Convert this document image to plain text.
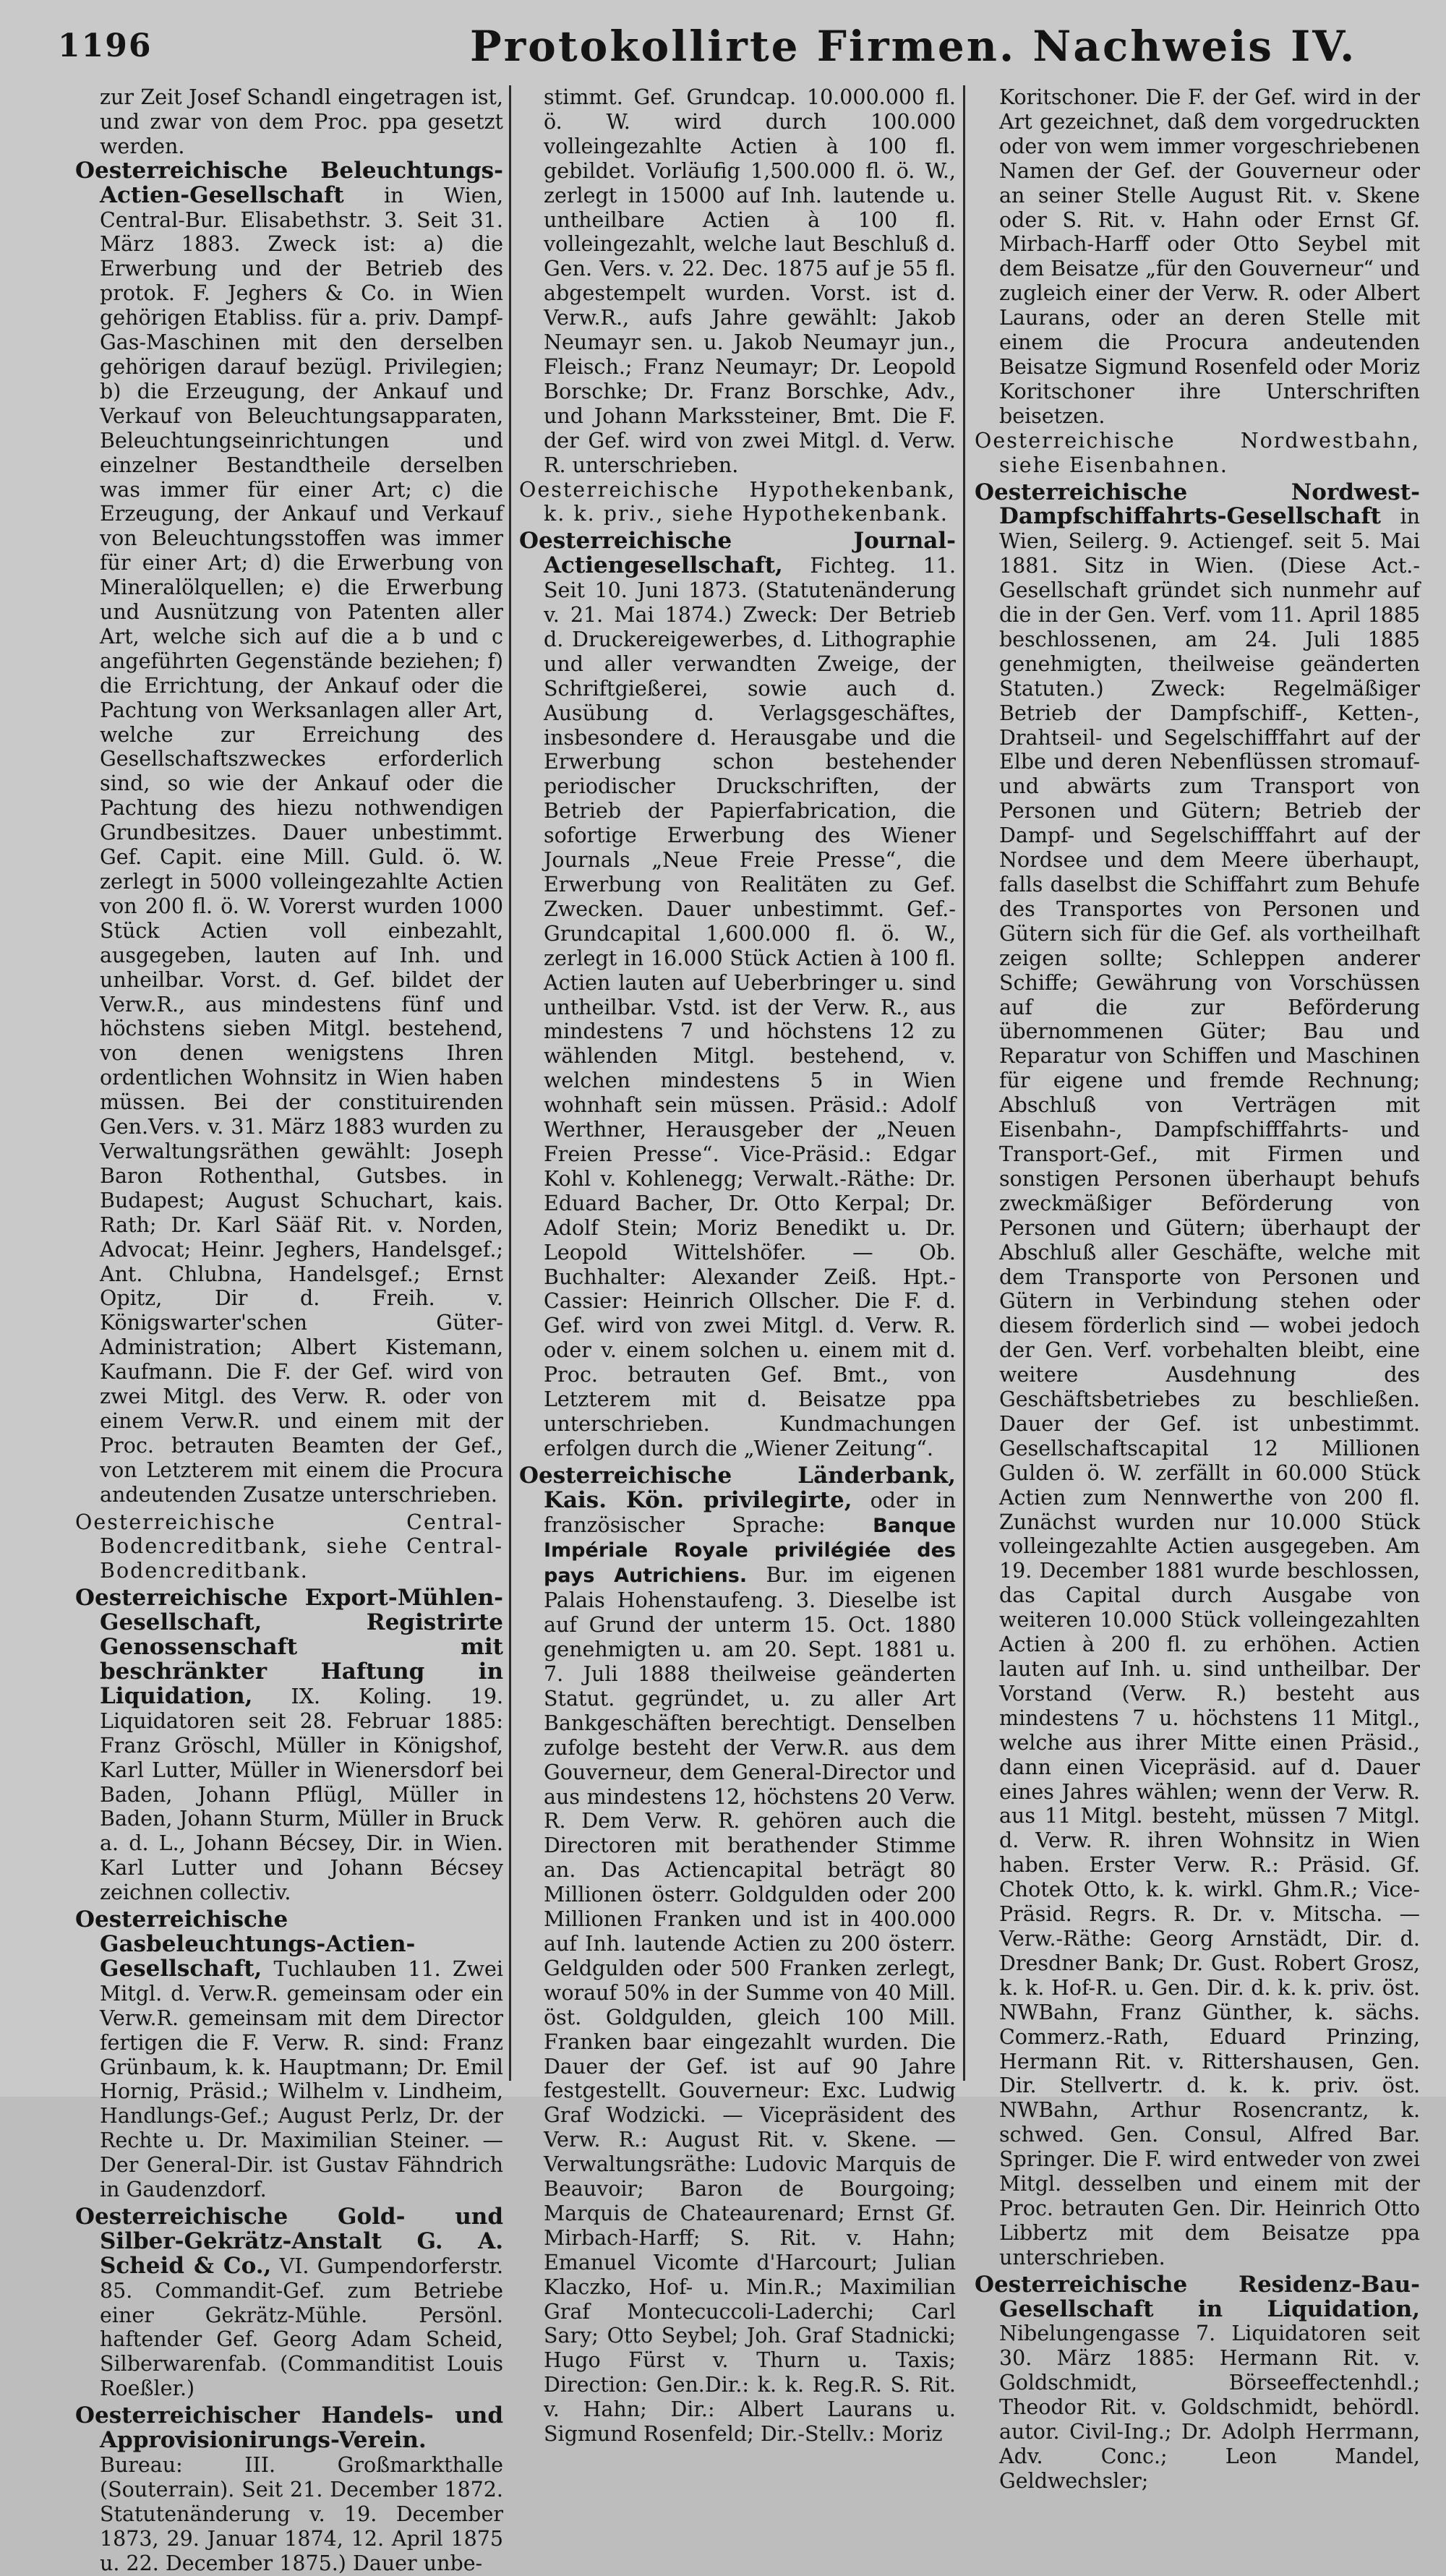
1196	Protokollirte Firmen. Nachweis IV.

zur Zeit Josef Schandl eingetragen ist, und zwar von dem Proc. ppa gesetzt werden.

Oesterreichische Beleuchtungs-Actien-Gesellschaft in Wien, Central-Bur. Elisabethstr. 3. Seit 31. März 1883. Zweck ist: a) die Erwerbung und der Betrieb des protok. F. Jeghers & Co. in Wien gehörigen Etabliss. für a. priv. Dampf-Gas-Maschinen mit den derselben gehörigen darauf bezügl. Privilegien; b) die Erzeugung, der Ankauf und Verkauf von Beleuchtungsapparaten, Beleuchtungseinrichtungen und einzelner Bestandtheile derselben was immer für einer Art; c) die Erzeugung, der Ankauf und Verkauf von Beleuchtungsstoffen was immer für einer Art; d) die Erwerbung von Mineralölquellen; e) die Erwerbung und Ausnützung von Patenten aller Art, welche sich auf die a b und c angeführten Gegenstände beziehen; f) die Errichtung, der Ankauf oder die Pachtung von Werksanlagen aller Art, welche zur Erreichung des Gesellschaftszweckes erforderlich sind, so wie der Ankauf oder die Pachtung des hiezu nothwendigen Grundbesitzes. Dauer unbestimmt. Gef. Capit. eine Mill. Guld. ö. W. zerlegt in 5000 volleingezahlte Actien von 200 fl. ö. W. Vorerst wurden 1000 Stück Actien voll einbezahlt, ausgegeben, lauten auf Inh. und unheilbar. Vorst. d. Gef. bildet der Verw.R., aus mindestens fünf und höchstens sieben Mitgl. bestehend, von denen wenigstens Ihren ordentlichen Wohnsitz in Wien haben müssen. Bei der constituirenden Gen.Vers. v. 31. März 1883 wurden zu Verwaltungsräthen gewählt: Joseph Baron Rothenthal, Gutsbes. in Budapest; August Schuchart, kais. Rath; Dr. Karl Sääf Rit. v. Norden, Advocat; Heinr. Jeghers, Handelsgef.; Ant. Chlubna, Handelsgef.; Ernst Opitz, Dir d. Freih. v. Königswarter'schen Güter-Administration; Albert Kistemann, Kaufmann. Die F. der Gef. wird von zwei Mitgl. des Verw. R. oder von einem Verw.R. und einem mit der Proc. betrauten Beamten der Gef., von Letzterem mit einem die Procura andeutenden Zusatze unterschrieben.

Oesterreichische Central-Bodencreditbank, siehe Central-Bodencreditbank.

Oesterreichische Export-Mühlen-Gesellschaft, Registrirte Genossenschaft mit beschränkter Haftung in Liquidation, IX. Koling. 19. Liquidatoren seit 28. Februar 1885: Franz Gröschl, Müller in Königshof, Karl Lutter, Müller in Wienersdorf bei Baden, Johann Pflügl, Müller in Baden, Johann Sturm, Müller in Bruck a. d. L., Johann Bécsey, Dir. in Wien. Karl Lutter und Johann Bécsey zeichnen collectiv.

Oesterreichische Gasbeleuchtungs-Actien-Gesellschaft, Tuchlauben 11. Zwei Mitgl. d. Verw.R. gemeinsam oder ein Verw.R. gemeinsam mit dem Director fertigen die F. Verw. R. sind: Franz Grünbaum, k. k. Hauptmann; Dr. Emil Hornig, Präsid.; Wilhelm v. Lindheim, Handlungs-Gef.; August Perlz, Dr. der Rechte u. Dr. Maximilian Steiner. — Der General-Dir. ist Gustav Fähndrich in Gaudenzdorf.

Oesterreichische Gold- und Silber-Gekrätz-Anstalt G. A. Scheid & Co., VI. Gumpendorferstr. 85. Commandit-Gef. zum Betriebe einer Gekrätz-Mühle. Persönl. haftender Gef. Georg Adam Scheid, Silberwarenfab. (Commanditist Louis Roeßler.)

Oesterreichischer Handels- und Approvisionirungs-Verein. Bureau: III. Großmarkthalle (Souterrain). Seit 21. December 1872. Statutenänderung v. 19. December 1873, 29. Januar 1874, 12. April 1875 u. 22. December 1875.) Dauer unbe-

stimmt. Gef. Grundcap. 10.000.000 fl. ö. W. wird durch 100.000 volleingezahlte Actien à 100 fl. gebildet. Vorläufig 1,500.000 fl. ö. W., zerlegt in 15000 auf Inh. lautende u. untheilbare Actien à 100 fl. volleingezahlt, welche laut Beschluß d. Gen. Vers. v. 22. Dec. 1875 auf je 55 fl. abgestempelt wurden. Vorst. ist d. Verw.R., aufs Jahre gewählt: Jakob Neumayr sen. u. Jakob Neumayr jun., Fleisch.; Franz Neumayr; Dr. Leopold Borschke; Dr. Franz Borschke, Adv., und Johann Markssteiner, Bmt. Die F. der Gef. wird von zwei Mitgl. d. Verw. R. unterschrieben.

Oesterreichische Hypothekenbank, k. k. priv., siehe Hypothekenbank.

Oesterreichische Journal-Actiengesellschaft, Fichteg. 11. Seit 10. Juni 1873. (Statutenänderung v. 21. Mai 1874.) Zweck: Der Betrieb d. Druckereigewerbes, d. Lithographie und aller verwandten Zweige, der Schriftgießerei, sowie auch d. Ausübung d. Verlagsgeschäftes, insbesondere d. Herausgabe und die Erwerbung schon bestehender periodischer Druckschriften, der Betrieb der Papierfabrication, die sofortige Erwerbung des Wiener Journals „Neue Freie Presse“, die Erwerbung von Realitäten zu Gef. Zwecken. Dauer unbestimmt. Gef.-Grundcapital 1,600.000 fl. ö. W., zerlegt in 16.000 Stück Actien à 100 fl. Actien lauten auf Ueberbringer u. sind untheilbar. Vstd. ist der Verw. R., aus mindestens 7 und höchstens 12 zu wählenden Mitgl. bestehend, v. welchen mindestens 5 in Wien wohnhaft sein müssen. Präsid.: Adolf Werthner, Herausgeber der „Neuen Freien Presse“. Vice-Präsid.: Edgar Kohl v. Kohlenegg; Verwalt.-Räthe: Dr. Eduard Bacher, Dr. Otto Kerpal; Dr. Adolf Stein; Moriz Benedikt u. Dr. Leopold Wittelshöfer. — Ob. Buchhalter: Alexander Zeiß. Hpt.-Cassier: Heinrich Ollscher. Die F. d. Gef. wird von zwei Mitgl. d. Verw. R. oder v. einem solchen u. einem mit d. Proc. betrauten Gef. Bmt., von Letzterem mit d. Beisatze ppa unterschrieben. Kundmachungen erfolgen durch die „Wiener Zeitung“.

Oesterreichische Länderbank, Kais. Kön. privilegirte, oder in französischer Sprache: Banque Impériale Royale privilégiée des pays Autrichiens. Bur. im eigenen Palais Hohenstaufeng. 3. Dieselbe ist auf Grund der unterm 15. Oct. 1880 genehmigten u. am 20. Sept. 1881 u. 7. Juli 1888 theilweise geänderten Statut. gegründet, u. zu aller Art Bankgeschäften berechtigt. Denselben zufolge besteht der Verw.R. aus dem Gouverneur, dem General-Director und aus mindestens 12, höchstens 20 Verw. R. Dem Verw. R. gehören auch die Directoren mit berathender Stimme an. Das Actiencapital beträgt 80 Millionen österr. Goldgulden oder 200 Millionen Franken und ist in 400.000 auf Inh. lautende Actien zu 200 österr. Geldgulden oder 500 Franken zerlegt, worauf 50% in der Summe von 40 Mill. öst. Goldgulden, gleich 100 Mill. Franken baar eingezahlt wurden. Die Dauer der Gef. ist auf 90 Jahre festgestellt. Gouverneur: Exc. Ludwig Graf Wodzicki. — Vicepräsident des Verw. R.: August Rit. v. Skene. — Verwaltungsräthe: Ludovic Marquis de Beauvoir; Baron de Bourgoing; Marquis de Chateaurenard; Ernst Gf. Mirbach-Harff; S. Rit. v. Hahn; Emanuel Vicomte d'Harcourt; Julian Klaczko, Hof- u. Min.R.; Maximilian Graf Montecuccoli-Laderchi; Carl Sary; Otto Seybel; Joh. Graf Stadnicki; Hugo Fürst v. Thurn u. Taxis; Direction: Gen.Dir.: k. k. Reg.R. S. Rit. v. Hahn; Dir.: Albert Laurans u. Sigmund Rosenfeld; Dir.-Stellv.: Moriz

Koritschoner. Die F. der Gef. wird in der Art gezeichnet, daß dem vorgedruckten oder von wem immer vorgeschriebenen Namen der Gef. der Gouverneur oder an seiner Stelle August Rit. v. Skene oder S. Rit. v. Hahn oder Ernst Gf. Mirbach-Harff oder Otto Seybel mit dem Beisatze „für den Gouverneur“ und zugleich einer der Verw. R. oder Albert Laurans, oder an deren Stelle mit einem die Procura andeutenden Beisatze Sigmund Rosenfeld oder Moriz Koritschoner ihre Unterschriften beisetzen.

Oesterreichische Nordwestbahn, siehe Eisenbahnen.

Oesterreichische Nordwest-Dampfschiffahrts-Gesellschaft in Wien, Seilerg. 9. Actiengef. seit 5. Mai 1881. Sitz in Wien. (Diese Act.-Gesellschaft gründet sich nunmehr auf die in der Gen. Verf. vom 11. April 1885 beschlossenen, am 24. Juli 1885 genehmigten, theilweise geänderten Statuten.) Zweck: Regelmäßiger Betrieb der Dampfschiff-, Ketten-, Drahtseil- und Segelschifffahrt auf der Elbe und deren Nebenflüssen stromauf- und abwärts zum Transport von Personen und Gütern; Betrieb der Dampf- und Segelschifffahrt auf der Nordsee und dem Meere überhaupt, falls daselbst die Schiffahrt zum Behufe des Transportes von Personen und Gütern sich für die Gef. als vortheilhaft zeigen sollte; Schleppen anderer Schiffe; Gewährung von Vorschüssen auf die zur Beförderung übernommenen Güter; Bau und Reparatur von Schiffen und Maschinen für eigene und fremde Rechnung; Abschluß von Verträgen mit Eisenbahn-, Dampfschifffahrts- und Transport-Gef., mit Firmen und sonstigen Personen überhaupt behufs zweckmäßiger Beförderung von Personen und Gütern; überhaupt der Abschluß aller Geschäfte, welche mit dem Transporte von Personen und Gütern in Verbindung stehen oder diesem förderlich sind — wobei jedoch der Gen. Verf. vorbehalten bleibt, eine weitere Ausdehnung des Geschäftsbetriebes zu beschließen. Dauer der Gef. ist unbestimmt. Gesellschaftscapital 12 Millionen Gulden ö. W. zerfällt in 60.000 Stück Actien zum Nennwerthe von 200 fl. Zunächst wurden nur 10.000 Stück volleingezahlte Actien ausgegeben. Am 19. December 1881 wurde beschlossen, das Capital durch Ausgabe von weiteren 10.000 Stück volleingezahlten Actien à 200 fl. zu erhöhen. Actien lauten auf Inh. u. sind untheilbar. Der Vorstand (Verw. R.) besteht aus mindestens 7 u. höchstens 11 Mitgl., welche aus ihrer Mitte einen Präsid., dann einen Vicepräsid. auf d. Dauer eines Jahres wählen; wenn der Verw. R. aus 11 Mitgl. besteht, müssen 7 Mitgl. d. Verw. R. ihren Wohnsitz in Wien haben. Erster Verw. R.: Präsid. Gf. Chotek Otto, k. k. wirkl. Ghm.R.; Vice-Präsid. Regrs. R. Dr. v. Mitscha. — Verw.-Räthe: Georg Arnstädt, Dir. d. Dresdner Bank; Dr. Gust. Robert Grosz, k. k. Hof-R. u. Gen. Dir. d. k. k. priv. öst. NWBahn, Franz Günther, k. sächs. Commerz.-Rath, Eduard Prinzing, Hermann Rit. v. Rittershausen, Gen. Dir. Stellvertr. d. k. k. priv. öst. NWBahn, Arthur Rosencrantz, k. schwed. Gen. Consul, Alfred Bar. Springer. Die F. wird entweder von zwei Mitgl. desselben und einem mit der Proc. betrauten Gen. Dir. Heinrich Otto Libbertz mit dem Beisatze ppa unterschrieben.

Oesterreichische Residenz-Bau-Gesellschaft in Liquidation, Nibelungengasse 7. Liquidatoren seit 30. März 1885: Hermann Rit. v. Goldschmidt, Börseeffectenhdl.; Theodor Rit. v. Goldschmidt, behördl. autor. Civil-Ing.; Dr. Adolph Herrmann, Adv. Conc.; Leon Mandel, Geldwechsler;
